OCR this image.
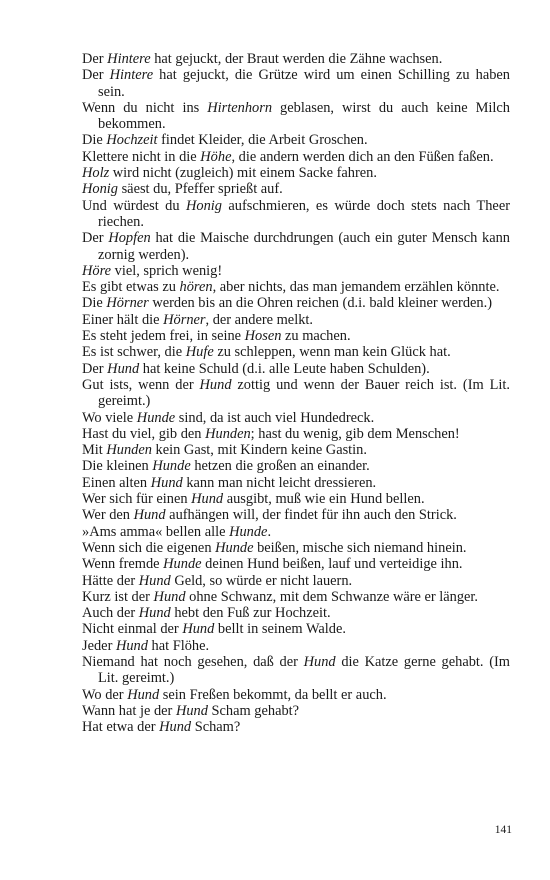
Der Hintere hat gejuckt, der Braut werden die Zähne wachsen.
Der Hintere hat gejuckt, die Grütze wird um einen Schilling zu haben sein.
Wenn du nicht ins Hirtenhorn geblasen, wirst du auch keine Milch bekommen.
Die Hochzeit findet Kleider, die Arbeit Groschen.
Klettere nicht in die Höhe, die andern werden dich an den Füßen faßen.
Holz wird nicht (zugleich) mit einem Sacke fahren.
Honig säest du, Pfeffer sprießt auf.
Und würdest du Honig aufschmieren, es würde doch stets nach Theer riechen.
Der Hopfen hat die Maische durchdrungen (auch ein guter Mensch kann zornig werden).
Höre viel, sprich wenig!
Es gibt etwas zu hören, aber nichts, das man jemandem erzählen könnte.
Die Hörner werden bis an die Ohren reichen (d.i. bald kleiner werden.)
Einer hält die Hörner, der andere melkt.
Es steht jedem frei, in seine Hosen zu machen.
Es ist schwer, die Hufe zu schleppen, wenn man kein Glück hat.
Der Hund hat keine Schuld (d.i. alle Leute haben Schulden).
Gut ists, wenn der Hund zottig und wenn der Bauer reich ist. (Im Lit. gereimt.)
Wo viele Hunde sind, da ist auch viel Hundedreck.
Hast du viel, gib den Hunden; hast du wenig, gib dem Menschen!
Mit Hunden kein Gast, mit Kindern keine Gastin.
Die kleinen Hunde hetzen die großen an einander.
Einen alten Hund kann man nicht leicht dressieren.
Wer sich für einen Hund ausgibt, muß wie ein Hund bellen.
Wer den Hund aufhängen will, der findet für ihn auch den Strick.
»Ams amma« bellen alle Hunde.
Wenn sich die eigenen Hunde beißen, mische sich niemand hinein.
Wenn fremde Hunde deinen Hund beißen, lauf und verteidige ihn.
Hätte der Hund Geld, so würde er nicht lauern.
Kurz ist der Hund ohne Schwanz, mit dem Schwanze wäre er länger.
Auch der Hund hebt den Fuß zur Hochzeit.
Nicht einmal der Hund bellt in seinem Walde.
Jeder Hund hat Flöhe.
Niemand hat noch gesehen, daß der Hund die Katze gerne gehabt. (Im Lit. gereimt.)
Wo der Hund sein Freßen bekommt, da bellt er auch.
Wann hat je der Hund Scham gehabt?
Hat etwa der Hund Scham?
141
